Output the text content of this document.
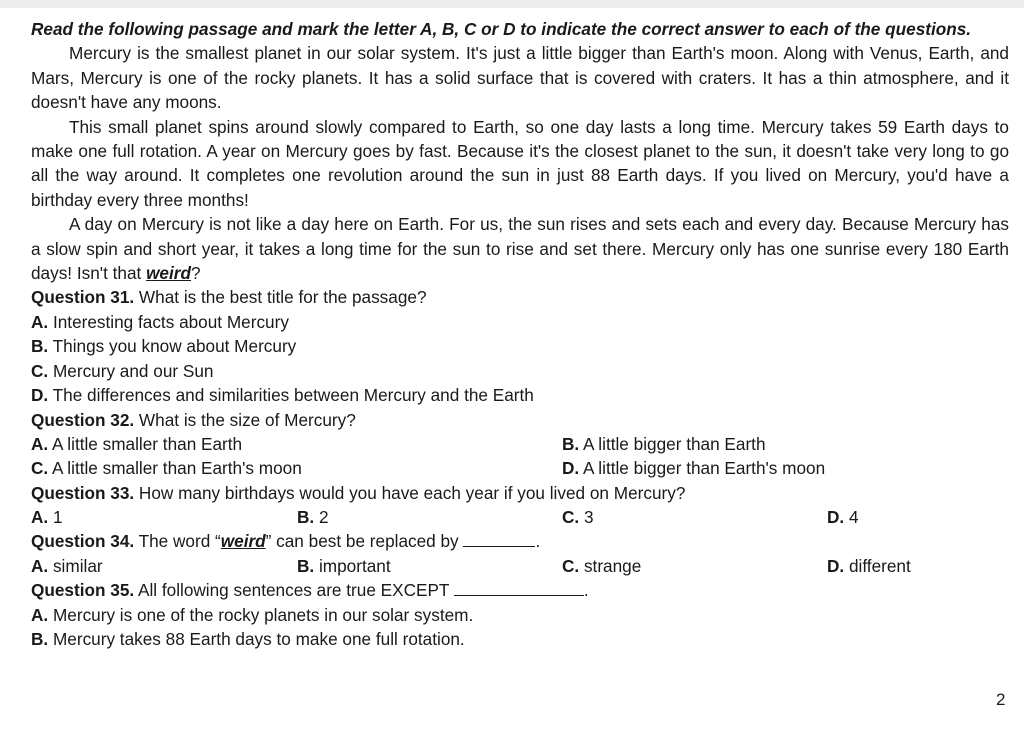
Read the following passage and mark the letter A, B, C or D to indicate the correct answer to each of the questions.

Mercury is the smallest planet in our solar system. It's just a little bigger than Earth's moon. Along with Venus, Earth, and Mars, Mercury is one of the rocky planets. It has a solid surface that is covered with craters. It has a thin atmosphere, and it doesn't have any moons.

This small planet spins around slowly compared to Earth, so one day lasts a long time. Mercury takes 59 Earth days to make one full rotation. A year on Mercury goes by fast. Because it's the closest planet to the sun, it doesn't take very long to go all the way around. It completes one revolution around the sun in just 88 Earth days. If you lived on Mercury, you'd have a birthday every three months!

A day on Mercury is not like a day here on Earth. For us, the sun rises and sets each and every day. Because Mercury has a slow spin and short year, it takes a long time for the sun to rise and set there. Mercury only has one sunrise every 180 Earth days! Isn't that weird?

Question 31. What is the best title for the passage?

A. Interesting facts about Mercury

B. Things you know about Mercury

C. Mercury and our Sun

D. The differences and similarities between Mercury and the Earth

Question 32. What is the size of Mercury?

A. A little smaller than Earth	B. A little bigger than Earth

C. A little smaller than Earth's moon	D. A little bigger than Earth's moon

Question 33. How many birthdays would you have each year if you lived on Mercury?

A. 1	B. 2	C. 3	D. 4

Question 34. The word “weird” can best be replaced by	.

A. similar	B. important	C. strange	D. different

Question 35. All following sentences are true EXCEPT	.

A. Mercury is one of the rocky planets in our solar system.

B. Mercury takes 88 Earth days to make one full rotation.

2
